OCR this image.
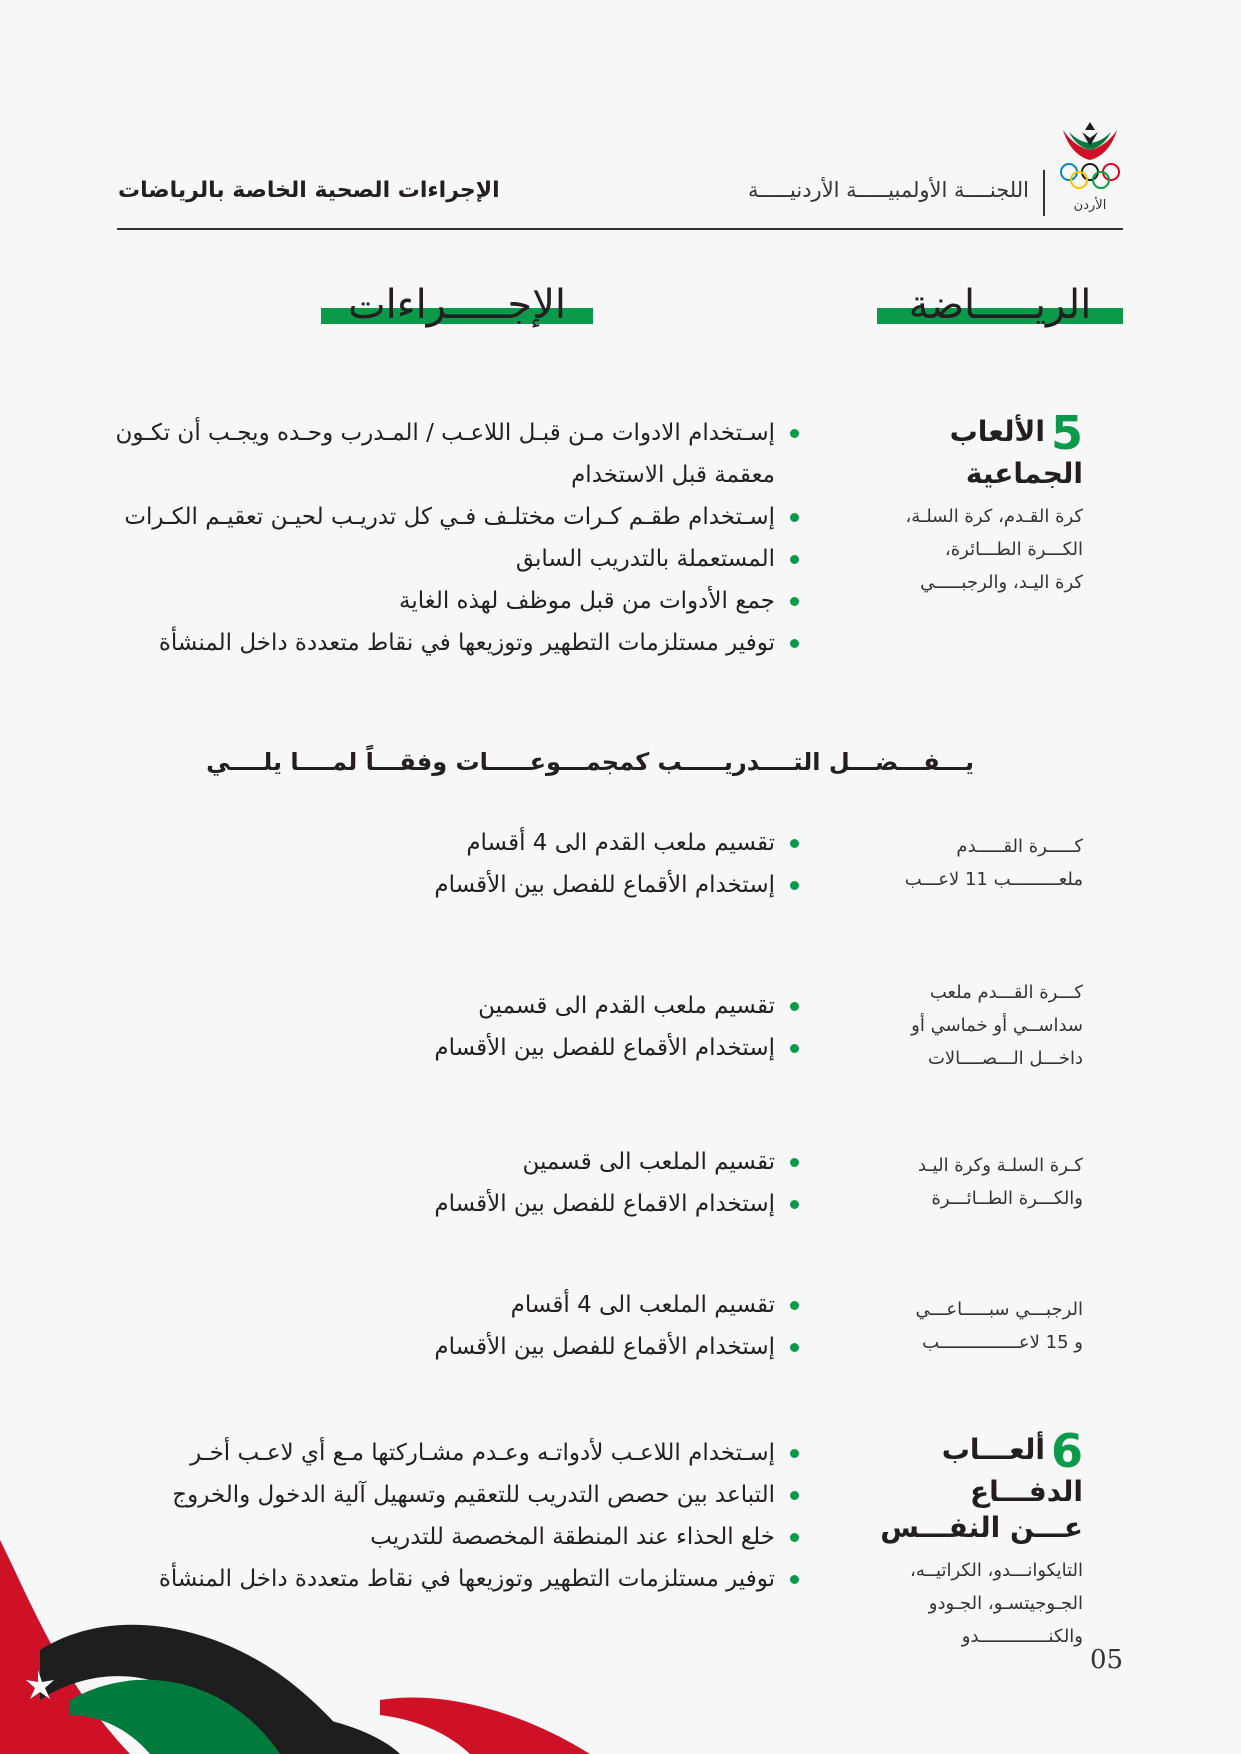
الأردن
اللجنــــة الأولمبيـــــة الأردنيـــــة
الإجراءات الصحية الخاصة بالرياضات
الريـــــاضة
الإجـــــراءات
5الألعاب الجماعية
كرة القـدم، كرة السلـة،
الكـــرة الطـــائرة،
كرة اليـد، والرجبـــــي
إسـتخدام الادوات مـن قبـل اللاعـب / المـدرب وحـده ويجـب أن تكـون
معقمة قبل الاستخدام
إسـتخدام طقـم كـرات مختلـف فـي كل تدريـب لحيـن تعقيـم الكـرات
المستعملة بالتدريب السابق
جمع الأدوات من قبل موظف لهذه الغاية
توفير مستلزمات التطهير وتوزيعها في نقاط متعددة داخل المنشأة
يـــفـــضـــل التــــدريـــــب كمجمـــوعـــــات وفقـــاً لمــــا يلــــي
كـــــرة القـــــدم
ملعـــــــــب 11 لاعـــب
تقسيم ملعب القدم الى 4 أقسام
إستخدام الأقماع للفصل بين الأقسام
كـــرة القـــدم ملعب
سداســي أو خماسي أو
داخـــل الـــصــــالات
تقسيم ملعب القدم الى قسمين
إستخدام الأقماع للفصل بين الأقسام
كـرة السلـة وكرة اليـد
والكـــرة الطــائـــرة
تقسيم الملعب الى قسمين
إستخدام الاقماع للفصل بين الأقسام
الرجبـــي سبـــــاعـــي
و 15 لاعـــــــــــــــب
تقسيم الملعب الى 4 أقسام
إستخدام الأقماع للفصل بين الأقسام
6ألعـــاب الدفـــاع
عـــن النفـــس
التايكوانـــدو، الكراتيــه،
الجـوجيتسـو، الجـودو
والكنـــــــــــــدو
إسـتخدام اللاعـب لأدواتـه وعـدم مشـاركتها مـع أي لاعـب أخـر
التباعد بين حصص التدريب للتعقيم وتسهيل آلية الدخول والخروج
خلع الحذاء عند المنطقة المخصصة للتدريب
توفير مستلزمات التطهير وتوزيعها في نقاط متعددة داخل المنشأة
05
